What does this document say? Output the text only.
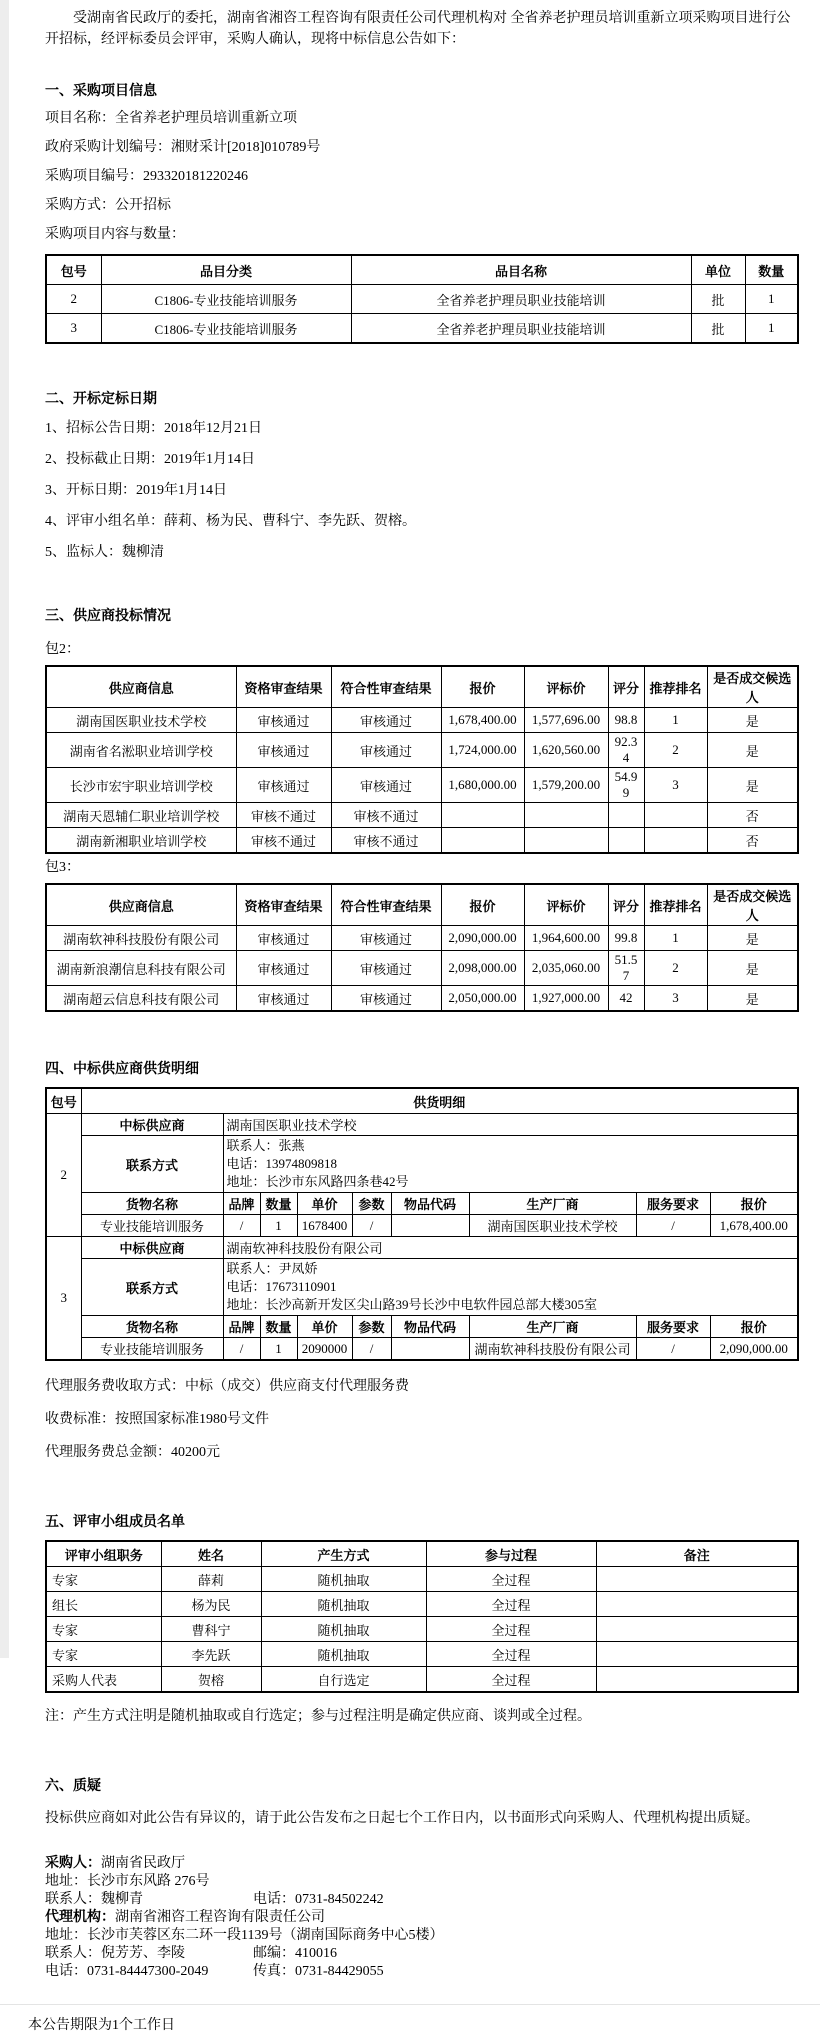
受湖南省民政厅的委托，湖南省湘咨工程咨询有限责任公司代理机构对 全省养老护理员培训重新立项采购项目进行公开招标，经评标委员会评审，采购人确认，现将中标信息公告如下：

一、采购项目信息

项目名称：全省养老护理员培训重新立项

政府采购计划编号：湘财采计[2018]010789号

采购项目编号：293320181220246

采购方式：公开招标

采购项目内容与数量：

包号	品目分类	品目名称	单位	数量
2	C1806-专业技能培训服务	全省养老护理员职业技能培训	批	1
3	C1806-专业技能培训服务	全省养老护理员职业技能培训	批	1
二、开标定标日期

1、招标公告日期：2018年12月21日

2、投标截止日期：2019年1月14日

3、开标日期：2019年1月14日

4、评审小组名单：薛莉、杨为民、曹科宁、李先跃、贺榕。

5、监标人：魏柳清

三、供应商投标情况

包2：

供应商信息	资格审查结果	符合性审查结果	报价	评标价	评分	推荐排名	是否成交候选人
湖南国医职业技术学校	审核通过	审核通过	1,678,400.00	1,577,696.00	98.8	1	是
湖南省名淞职业培训学校	审核通过	审核通过	1,724,000.00	1,620,560.00	92.34	2	是
长沙市宏宇职业培训学校	审核通过	审核通过	1,680,000.00	1,579,200.00	54.99	3	是
湖南天恩辅仁职业培训学校	审核不通过	审核不通过					否
湖南新湘职业培训学校	审核不通过	审核不通过					否

包3：

供应商信息	资格审查结果	符合性审查结果	报价	评标价	评分	推荐排名	是否成交候选人
湖南软神科技股份有限公司	审核通过	审核通过	2,090,000.00	1,964,600.00	99.8	1	是
湖南新浪潮信息科技有限公司	审核通过	审核通过	2,098,000.00	2,035,060.00	51.57	2	是
湖南超云信息科技有限公司	审核通过	审核通过	2,050,000.00	1,927,000.00	42	3	是
四、中标供应商供货明细
包号	供货明细								
2	中标供应商	湖南国医职业技术学校							
	联系方式	联系人：张燕
电话：13974809818
地址：长沙市东风路四条巷42号							

	货物名称	品牌	数量	单价	参数	物品代码	生产厂商	服务要求	报价
	专业技能培训服务	/	1	1678400	/		湖南国医职业技术学校	/	1,678,400.00
3	中标供应商	湖南软神科技股份有限公司							
	联系方式	联系人：尹凤娇
电话：17673110901
地址：长沙高新开发区尖山路39号长沙中电软件园总部大楼305室							

	货物名称	品牌	数量	单价	参数	物品代码	生产厂商	服务要求	报价
	专业技能培训服务	/	1	2090000	/		湖南软神科技股份有限公司	/	2,090,000.00

代理服务费收取方式：中标（成交）供应商支付代理服务费

收费标准：按照国家标准1980号文件

代理服务费总金额：40200元

五、评审小组成员名单
评审小组职务	姓名	产生方式	参与过程	备注
专家	薛莉	随机抽取	全过程	
组长	杨为民	随机抽取	全过程	
专家	曹科宁	随机抽取	全过程	
专家	李先跃	随机抽取	全过程	
采购人代表	贺榕	自行选定	全过程	

注：产生方式注明是随机抽取或自行选定；参与过程注明是确定供应商、谈判或全过程。

六、质疑

投标供应商如对此公告有异议的，请于此公告发布之日起七个工作日内，以书面形式向采购人、代理机构提出质疑。

采购人：湖南省民政厅

地址：长沙市东风路 276号

联系人：魏柳青	电话：0731-84502242

代理机构：湖南省湘咨工程咨询有限责任公司

地址：长沙市芙蓉区东二环一段1139号（湖南国际商务中心5楼）

联系人：倪芳芳、李陵	邮编：410016

电话：0731-84447300-2049	传真：0731-84429055

本公告期限为1个工作日
